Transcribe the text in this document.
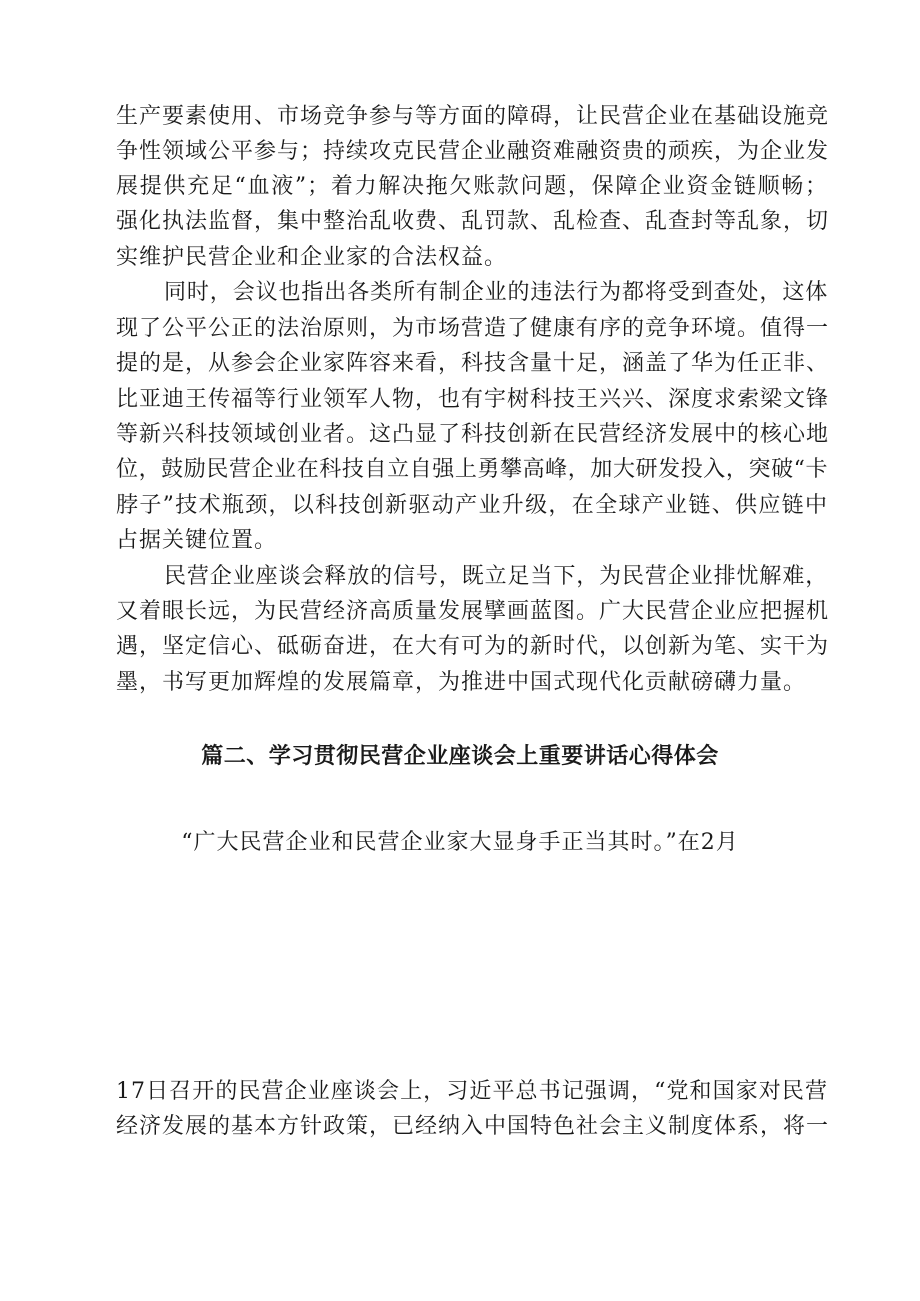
生产要素使用、市场竞争参与等方面的障碍，让民营企业在基础设施竞
争性领域公平参与；持续攻克民营企业融资难融资贵的顽疾，为企业发
展提供充足“血液”；着力解决拖欠账款问题，保障企业资金链顺畅；
强化执法监督，集中整治乱收费、乱罚款、乱检查、乱查封等乱象，切
实维护民营企业和企业家的合法权益。
同时，会议也指出各类所有制企业的违法行为都将受到查处，这体
现了公平公正的法治原则，为市场营造了健康有序的竞争环境。值得一
提的是，从参会企业家阵容来看，科技含量十足，涵盖了华为任正非、
比亚迪王传福等行业领军人物，也有宇树科技王兴兴、深度求索梁文锋
等新兴科技领域创业者。这凸显了科技创新在民营经济发展中的核心地
位，鼓励民营企业在科技自立自强上勇攀高峰，加大研发投入，突破“卡
脖子”技术瓶颈，以科技创新驱动产业升级，在全球产业链、供应链中
占据关键位置。
民营企业座谈会释放的信号，既立足当下，为民营企业排忧解难，
又着眼长远，为民营经济高质量发展擘画蓝图。广大民营企业应把握机
遇，坚定信心、砥砺奋进，在大有可为的新时代，以创新为笔、实干为
墨，书写更加辉煌的发展篇章，为推进中国式现代化贡献磅礴力量。
篇二、学习贯彻民营企业座谈会上重要讲话心得体会
“广大民营企业和民营企业家大显身手正当其时。”在2月
17日召开的民营企业座谈会上，习近平总书记强调，“党和国家对民营
经济发展的基本方针政策，已经纳入中国特色社会主义制度体系，将一
